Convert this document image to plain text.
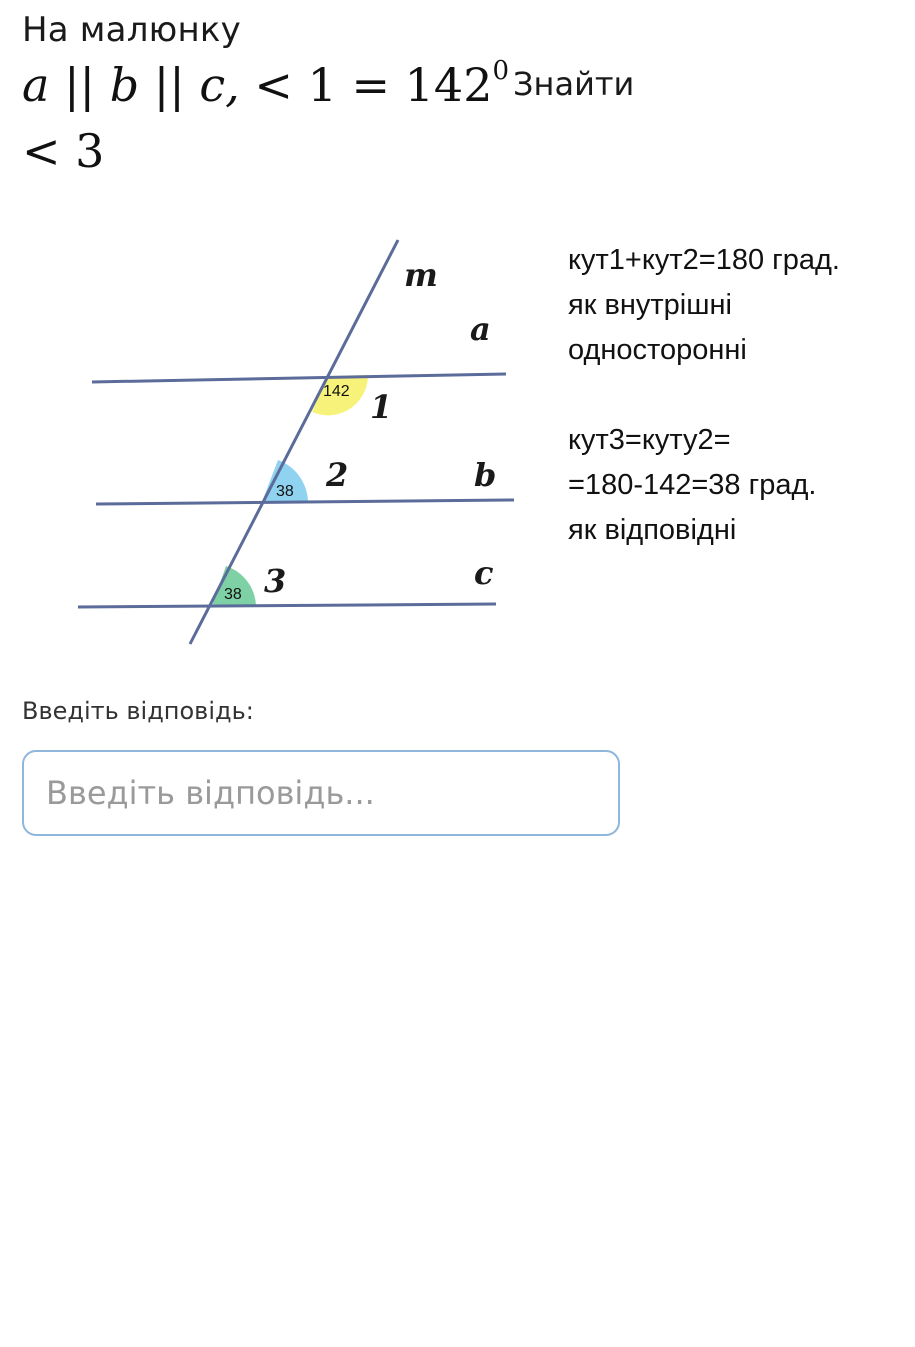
На малюнку
a || b || c, < $1 = 142^0$ Знайти
< 3
m
a
b
c
1
2
3
142
38
38
кут1+кут2=180 град.
як внутрішні
односторонні
кут3=куту2=
=180-142=38 град.
як відповідні
Введіть відповідь:
Введіть відповідь...
